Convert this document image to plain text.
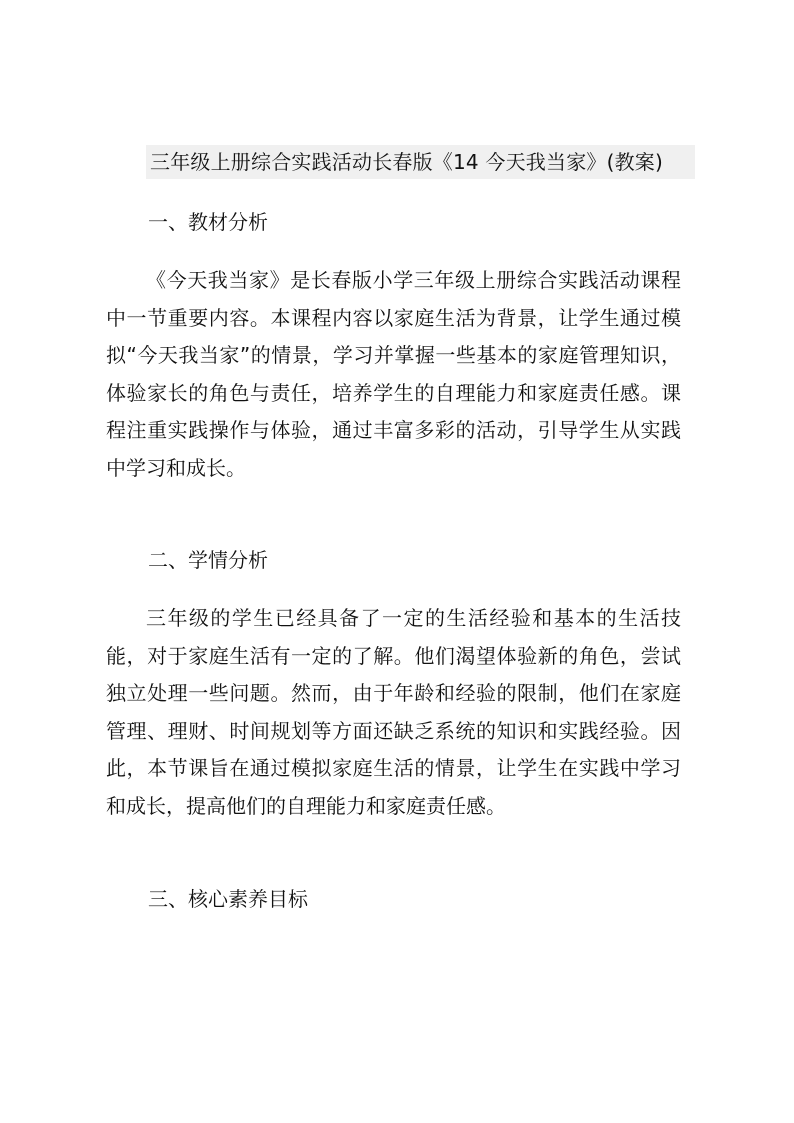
三年级上册综合实践活动长春版《14 今天我当家》(教案)
一、教材分析

《今天我当家》是长春版小学三年级上册综合实践活动课程中一节重要内容。本课程内容以家庭生活为背景，让学生通过模拟“今天我当家”的情景，学习并掌握一些基本的家庭管理知识，体验家长的角色与责任，培养学生的自理能力和家庭责任感。课程注重实践操作与体验，通过丰富多彩的活动，引导学生从实践中学习和成长。

二、学情分析

三年级的学生已经具备了一定的生活经验和基本的生活技能，对于家庭生活有一定的了解。他们渴望体验新的角色，尝试独立处理一些问题。然而，由于年龄和经验的限制，他们在家庭管理、理财、时间规划等方面还缺乏系统的知识和实践经验。因此，本节课旨在通过模拟家庭生活的情景，让学生在实践中学习和成长，提高他们的自理能力和家庭责任感。

三、核心素养目标
